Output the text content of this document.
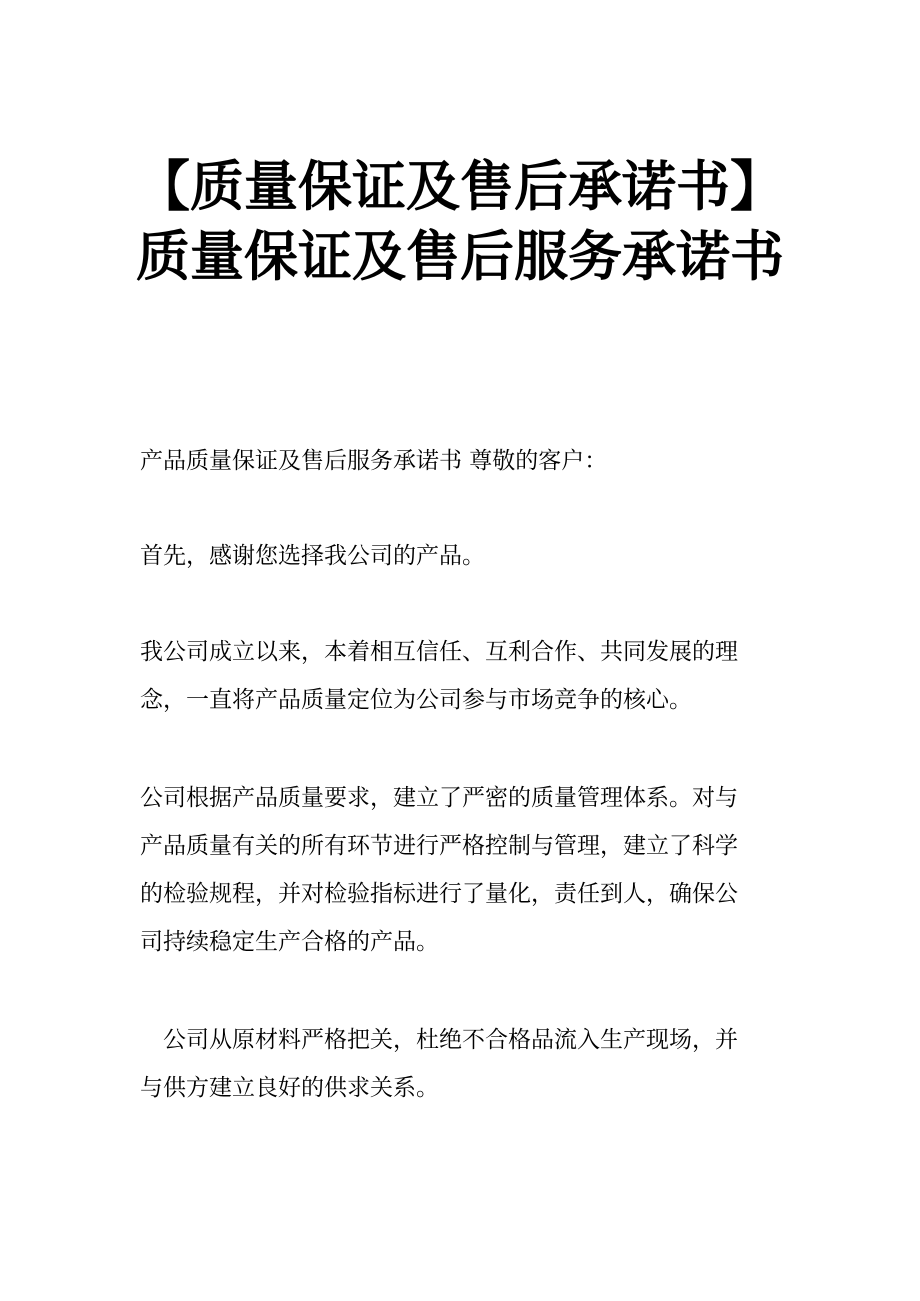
【质量保证及售后承诺书】质量保证及售后服务承诺书

产品质量保证及售后服务承诺书 尊敬的客户：

首先，感谢您选择我公司的产品。

我公司成立以来，本着相互信任、互利合作、共同发展的理念，一直将产品质量定位为公司参与市场竞争的核心。

公司根据产品质量要求，建立了严密的质量管理体系。对与产品质量有关的所有环节进行严格控制与管理，建立了科学的检验规程，并对检验指标进行了量化，责任到人，确保公司持续稳定生产合格的产品。

公司从原材料严格把关，杜绝不合格品流入生产现场，并与供方建立良好的供求关系。
